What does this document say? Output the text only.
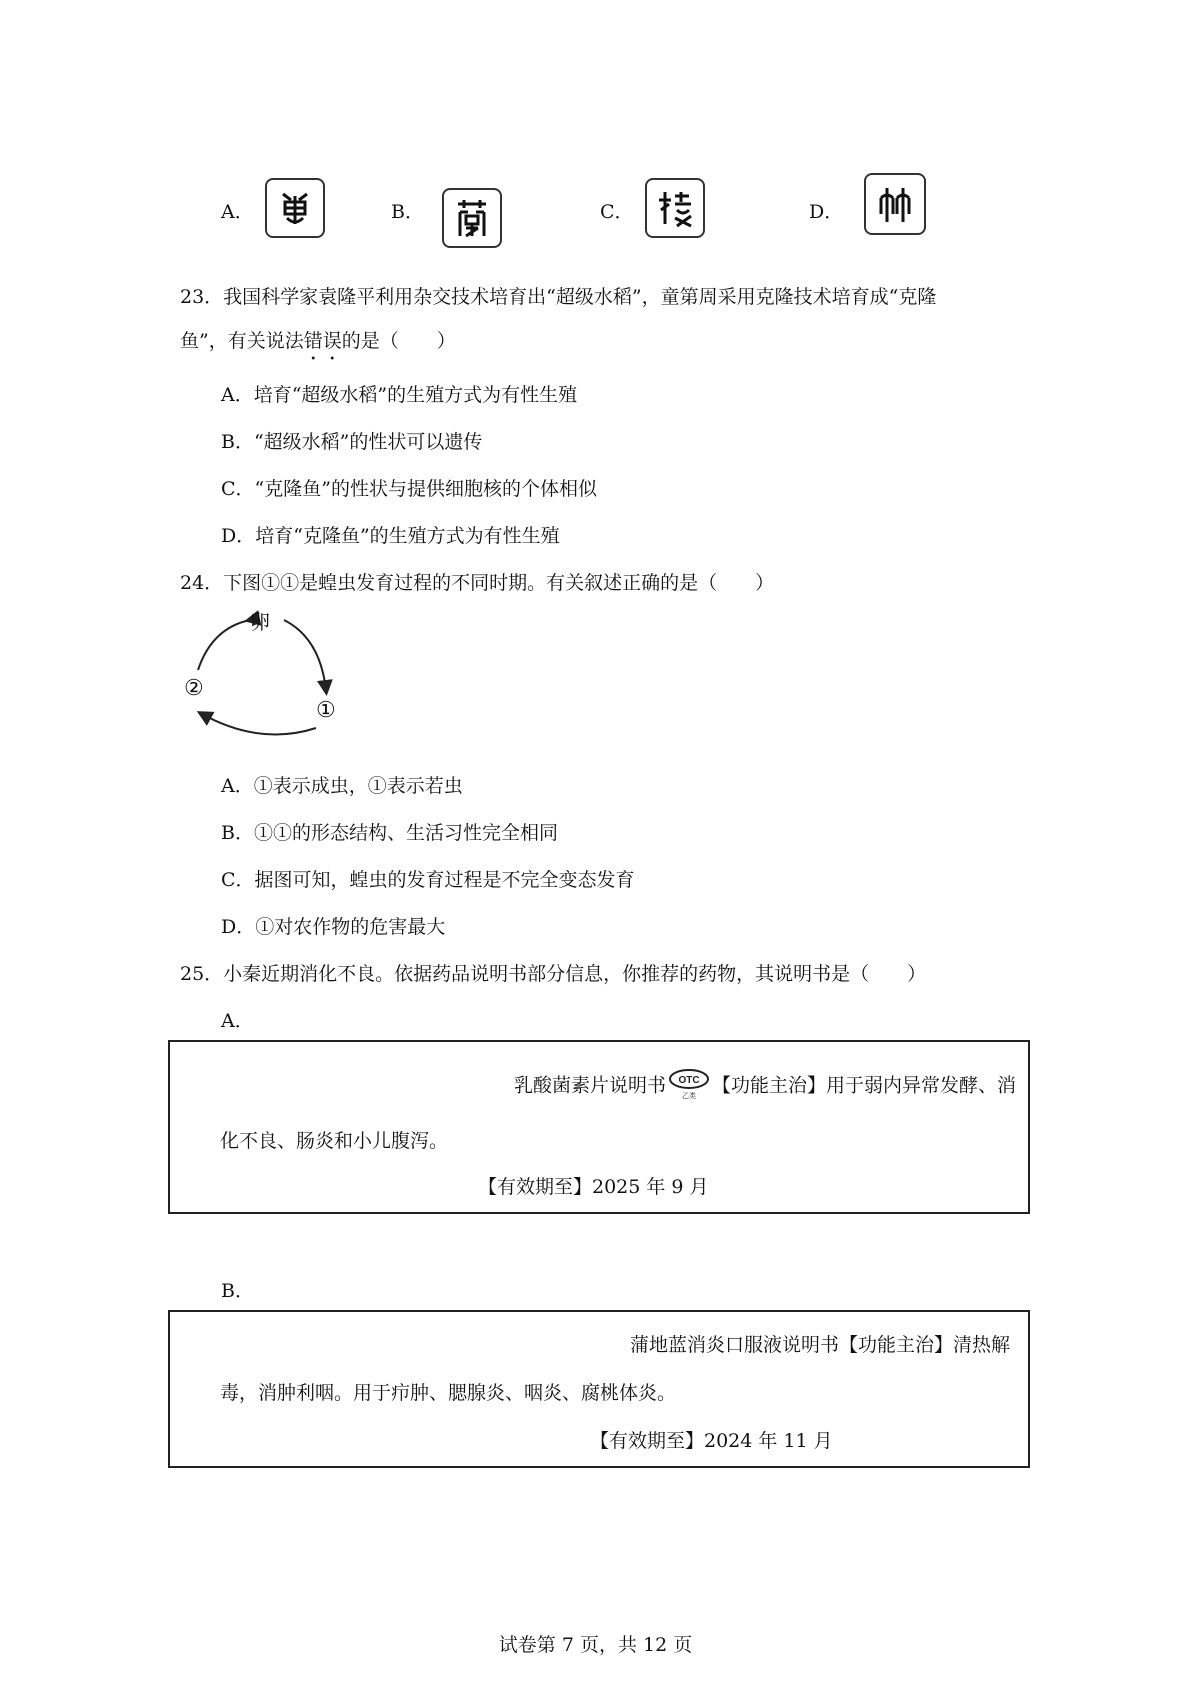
A．	B．	C．	D．
23．我国科学家袁隆平利用杂交技术培育出“超级水稻”，童第周采用克隆技术培育成“克隆
鱼”，有关说法错误的是（　　）
A．培育“超级水稻”的生殖方式为有性生殖
B．“超级水稻”的性状可以遗传
C．“克隆鱼”的性状与提供细胞核的个体相似
D．培育“克隆鱼”的生殖方式为有性生殖
24．下图①①是蝗虫发育过程的不同时期。有关叙述正确的是（　　）
卵
②
①
A．①表示成虫，①表示若虫
B．①①的形态结构、生活习性完全相同
C．据图可知，蝗虫的发育过程是不完全变态发育
D．①对农作物的危害最大
25．小秦近期消化不良。依据药品说明书部分信息，你推荐的药物，其说明书是（　　）
A．
乳酸菌素片说明书 OTC
乙类 【功能主治】用于弱内异常发酵、消
化不良、肠炎和小儿腹泻。
【有效期至】2025 年 9 月
B．
蒲地蓝消炎口服液说明书【功能主治】清热解
毒，消肿利咽。用于疖肿、腮腺炎、咽炎、腐桃体炎。
【有效期至】2024 年 11 月
试卷第 7 页，共 12 页
